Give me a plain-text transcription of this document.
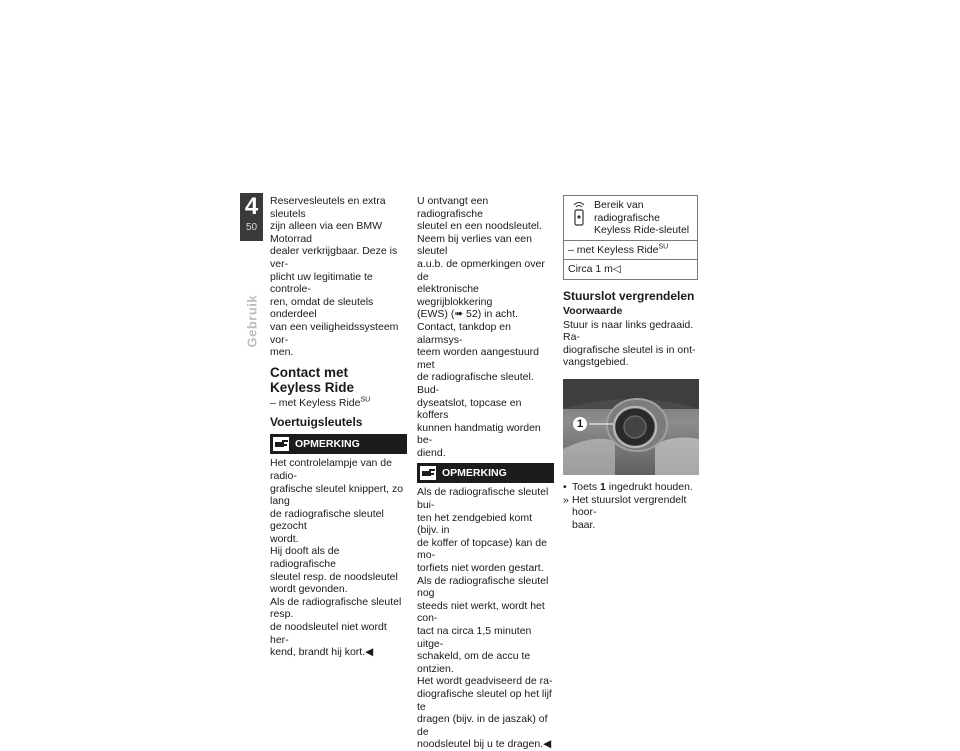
4
50
Gebruik

Reservesleutels en extra sleutels
zijn alleen via een BMW Motorrad
dealer verkrijgbaar. Deze is ver-
plicht uw legitimatie te controle-
ren, omdat de sleutels onderdeel
van een veiligheidssysteem vor-
men.

Contact met
Keyless Ride

– met Keyless Ride$^{SU}$

Voertuigsleutels
OPMERKING

Het controlelampje van de radio-
grafische sleutel knippert, zo lang
de radiografische sleutel gezocht
wordt.
Hij dooft als de radiografische
sleutel resp. de noodsleutel
wordt gevonden.
Als de radiografische sleutel resp.
de noodsleutel niet wordt her-
kend, brandt hij kort.◀

U ontvangt een radiografische
sleutel en een noodsleutel.
Neem bij verlies van een sleutel
a.u.b. de opmerkingen over de
elektronische wegrijblokkering
(EWS) (➠ 52) in acht.
Contact, tankdop en alarmsys-
teem worden aangestuurd met
de radiografische sleutel. Bud-
dyseatslot, topcase en koffers
kunnen handmatig worden be-
diend.

OPMERKING

Als de radiografische sleutel bui-
ten het zendgebied komt (bijv. in
de koffer of topcase) kan de mo-
torfiets niet worden gestart.
Als de radiografische sleutel nog
steeds niet werkt, wordt het con-
tact na circa 1,5 minuten uitge-
schakeld, om de accu te ontzien.
Het wordt geadviseerd de ra-
diografische sleutel op het lijf te
dragen (bijv. in de jaszak) of de
noodsleutel bij u te dragen.◀

Bereik van radiografische
Keyless Ride-sleutel
– met Keyless Ride$^{SU}$
Circa 1 m◁
Stuurslot vergrendelen
Voorwaarde

Stuur is naar links gedraaid. Ra-
diografische sleutel is in ont-
vangstgebied.

1
• Toets 1 ingedrukt houden.
» Het stuurslot vergrendelt hoor-
baar.
